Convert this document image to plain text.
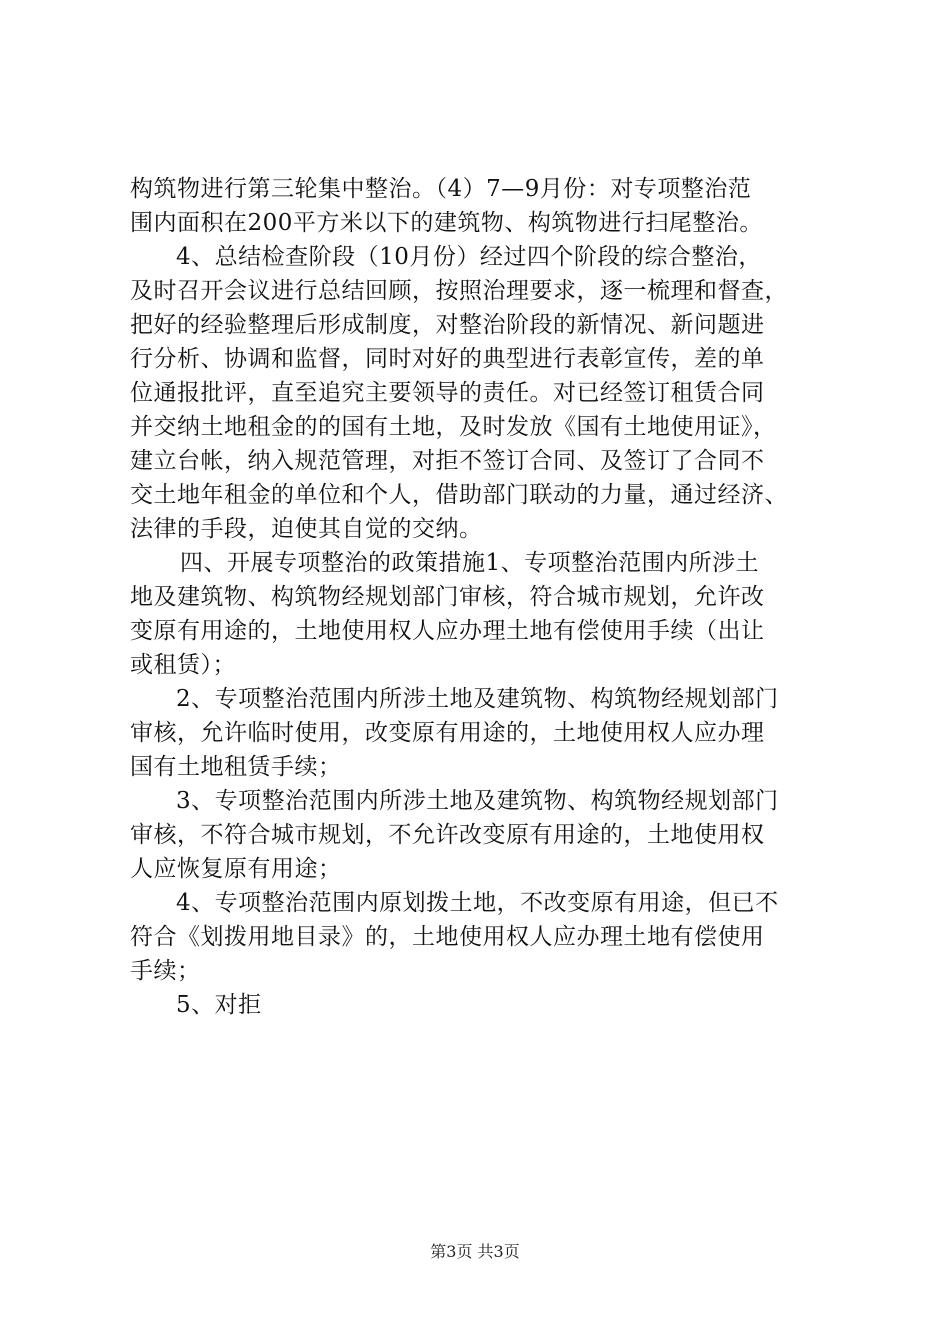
构筑物进行第三轮集中整治。（4）7—9月份：对专项整治范
围内面积在200平方米以下的建筑物、构筑物进行扫尾整治。
4、总结检查阶段（10月份）经过四个阶段的综合整治，
及时召开会议进行总结回顾，按照治理要求，逐一梳理和督查，
把好的经验整理后形成制度，对整治阶段的新情况、新问题进
行分析、协调和监督，同时对好的典型进行表彰宣传，差的单
位通报批评，直至追究主要领导的责任。对已经签订租赁合同
并交纳土地租金的的国有土地，及时发放《国有土地使用证》，
建立台帐，纳入规范管理，对拒不签订合同、及签订了合同不
交土地年租金的单位和个人，借助部门联动的力量，通过经济、
法律的手段，迫使其自觉的交纳。
四、开展专项整治的政策措施1、专项整治范围内所涉土
地及建筑物、构筑物经规划部门审核，符合城市规划，允许改
变原有用途的，土地使用权人应办理土地有偿使用手续（出让
或租赁）；
2、专项整治范围内所涉土地及建筑物、构筑物经规划部门
审核，允许临时使用，改变原有用途的，土地使用权人应办理
国有土地租赁手续；
3、专项整治范围内所涉土地及建筑物、构筑物经规划部门
审核，不符合城市规划，不允许改变原有用途的，土地使用权
人应恢复原有用途；
4、专项整治范围内原划拨土地，不改变原有用途，但已不
符合《划拨用地目录》的，土地使用权人应办理土地有偿使用
手续；
5、对拒
第3页 共3页
